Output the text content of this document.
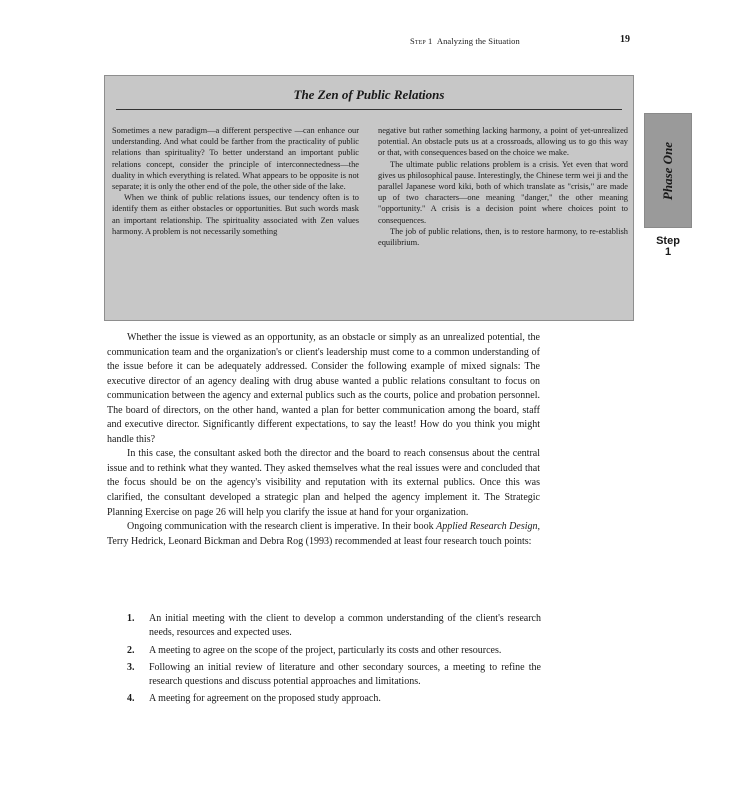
Step 1 Analyzing the Situation	19
The Zen of Public Relations

Sometimes a new paradigm—a different perspective —can enhance our understanding. And what could be farther from the practicality of public relations than spirituality? To better understand an important public relations concept, consider the principle of interconnectedness—the duality in which everything is related. What appears to be opposite is not separate; it is only the other end of the pole, the other side of the lake.

When we think of public relations issues, our tendency often is to identify them as either obstacles or opportunities. But such words mask an important relationship. The spirituality associated with Zen values harmony. A problem is not necessarily something

negative but rather something lacking harmony, a point of yet-unrealized potential. An obstacle puts us at a crossroads, allowing us to go this way or that, with consequences based on the choice we make.

The ultimate public relations problem is a crisis. Yet even that word gives us philosophical pause. Interestingly, the Chinese term wei ji and the parallel Japanese word kiki, both of which translate as "crisis," are made up of two characters—one meaning "danger," the other meaning "opportunity." A crisis is a decision point where choices point to consequences.

The job of public relations, then, is to restore harmony, to re-establish equilibrium.

Phase One
Step
1

Whether the issue is viewed as an opportunity, as an obstacle or simply as an unrealized potential, the communication team and the organization's or client's leadership must come to a common understanding of the issue before it can be adequately addressed. Consider the following example of mixed signals: The executive director of an agency dealing with drug abuse wanted a public relations consultant to focus on communication between the agency and external publics such as the courts, police and probation personnel. The board of directors, on the other hand, wanted a plan for better communication among the board, staff and executive director. Significantly different expectations, to say the least! How do you think you might handle this?

In this case, the consultant asked both the director and the board to reach consensus about the central issue and to rethink what they wanted. They asked themselves what the real issues were and concluded that the focus should be on the agency's visibility and reputation with its external publics. Once this was clarified, the consultant developed a strategic plan and helped the agency implement it. The Strategic Planning Exercise on page 26 will help you clarify the issue at hand for your organization.

Ongoing communication with the research client is imperative. In their book Applied Research Design, Terry Hedrick, Leonard Bickman and Debra Rog (1993) recommended at least four research touch points:

1. An initial meeting with the client to develop a common understanding of the client's research needs, resources and expected uses.
2. A meeting to agree on the scope of the project, particularly its costs and other resources.
3. Following an initial review of literature and other secondary sources, a meeting to refine the research questions and discuss potential approaches and limitations.
4. A meeting for agreement on the proposed study approach.
